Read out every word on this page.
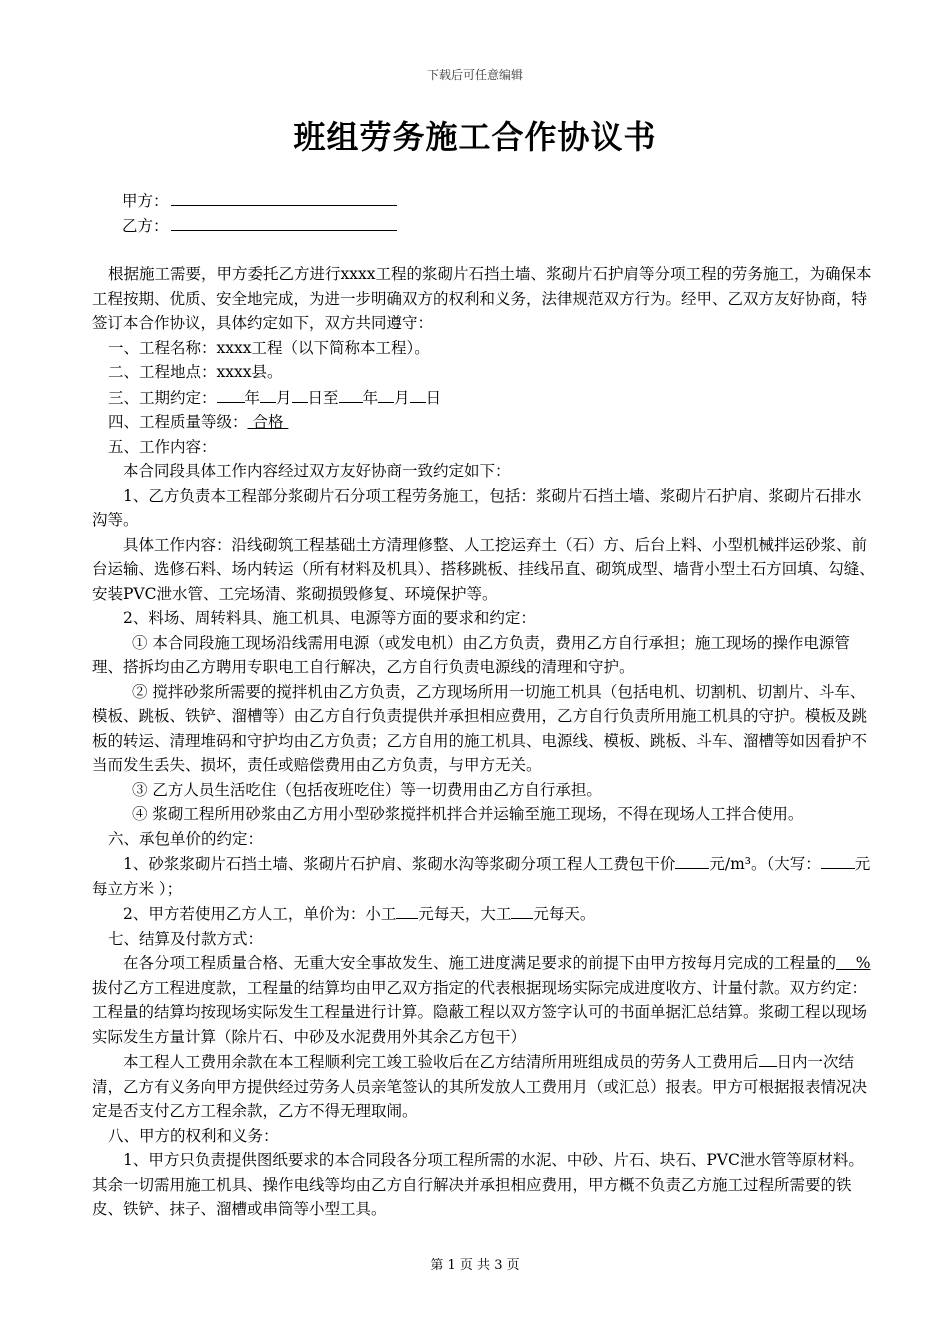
下载后可任意编辑
班组劳务施工合作协议书
甲方：
乙方：

根据施工需要，甲方委托乙方进行xxxx工程的浆砌片石挡土墙、浆砌片石护肩等分项工程的劳务施工，为确保本工程按期、优质、安全地完成，为进一步明确双方的权利和义务，法律规范双方行为。经甲、乙双方友好协商，特签订本合作协议，具体约定如下，双方共同遵守：

一、工程名称：xxxx工程（以下简称本工程）。

二、工程地点：xxxx县。

三、工期约定： 年 月 日至 年 月 日

四、工程质量等级： 合格

五、工作内容：

本合同段具体工作内容经过双方友好协商一致约定如下：

1、乙方负责本工程部分浆砌片石分项工程劳务施工，包括：浆砌片石挡土墙、浆砌片石护肩、浆砌片石排水沟等。

具体工作内容：沿线砌筑工程基础土方清理修整、人工挖运弃土（石）方、后台上料、小型机械拌运砂浆、前台运输、选修石料、场内转运（所有材料及机具）、搭移跳板、挂线吊直、砌筑成型、墙背小型土石方回填、勾缝、安装PVC泄水管、工完场清、浆砌损毁修复、环境保护等。

2、料场、周转料具、施工机具、电源等方面的要求和约定：

① 本合同段施工现场沿线需用电源（或发电机）由乙方负责，费用乙方自行承担；施工现场的操作电源管理、搭拆均由乙方聘用专职电工自行解决，乙方自行负责电源线的清理和守护。

② 搅拌砂浆所需要的搅拌机由乙方负责，乙方现场所用一切施工机具（包括电机、切割机、切割片、斗车、模板、跳板、铁铲、溜槽等）由乙方自行负责提供并承担相应费用，乙方自行负责所用施工机具的守护。模板及跳板的转运、清理堆码和守护均由乙方负责；乙方自用的施工机具、电源线、模板、跳板、斗车、溜槽等如因看护不当而发生丢失、损坏，责任或赔偿费用由乙方负责，与甲方无关。

③ 乙方人员生活吃住（包括夜班吃住）等一切费用由乙方自行承担。

④ 浆砌工程所用砂浆由乙方用小型砂浆搅拌机拌合并运输至施工现场，不得在现场人工拌合使用。

六、承包单价的约定：

1、砂浆浆砌片石挡土墙、浆砌片石护肩、浆砌水沟等浆砌分项工程人工费包干价 元/m³。（大写： 元每立方米 ）；

2、甲方若使用乙方人工，单价为：小工 元每天，大工 元每天。

七、结算及付款方式：

在各分项工程质量合格、无重大安全事故发生、施工进度满足要求的前提下由甲方按每月完成的工程量的 %拔付乙方工程进度款，工程量的结算均由甲乙双方指定的代表根据现场实际完成进度收方、计量付款。双方约定：工程量的结算均按现场实际发生工程量进行计算。隐蔽工程以双方签字认可的书面单据汇总结算。浆砌工程以现场实际发生方量计算（除片石、中砂及水泥费用外其余乙方包干）

本工程人工费用余款在本工程顺利完工竣工验收后在乙方结清所用班组成员的劳务人工费用后 日内一次结清，乙方有义务向甲方提供经过劳务人员亲笔签认的其所发放人工费用月（或汇总）报表。甲方可根据报表情况决定是否支付乙方工程余款，乙方不得无理取闹。

八、甲方的权利和义务：

1、甲方只负责提供图纸要求的本合同段各分项工程所需的水泥、中砂、片石、块石、PVC泄水管等原材料。其余一切需用施工机具、操作电线等均由乙方自行解决并承担相应费用，甲方概不负责乙方施工过程所需要的铁皮、铁铲、抹子、溜槽或串筒等小型工具。

第 1 页 共 3 页
